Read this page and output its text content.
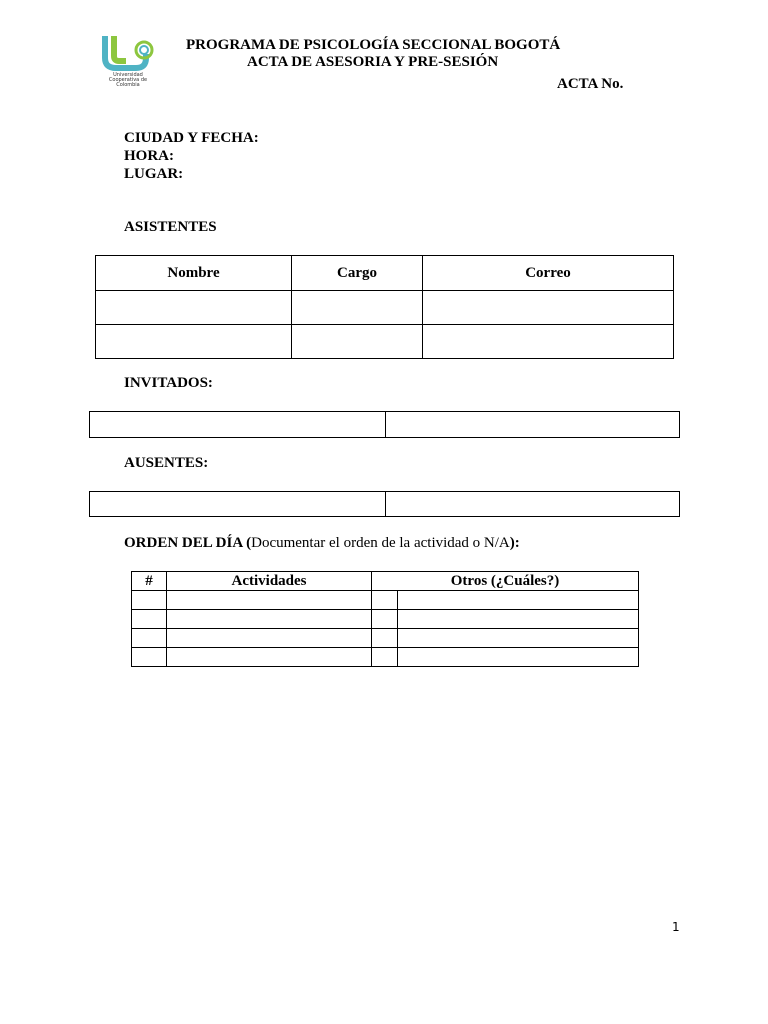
Universidad Cooperativa de Colombia
PROGRAMA DE PSICOLOGÍA SECCIONAL BOGOTÁ
ACTA DE ASESORIA Y PRE-SESIÓN
ACTA No.
CIUDAD Y FECHA:
HORA:
LUGAR:
ASISTENTES
Nombre	Cargo	Correo

INVITADOS:

AUSENTES:

ORDEN DEL DÍA (Documentar el orden de la actividad o N/A):
#	Actividades	Otros (¿Cuáles?)	

1
